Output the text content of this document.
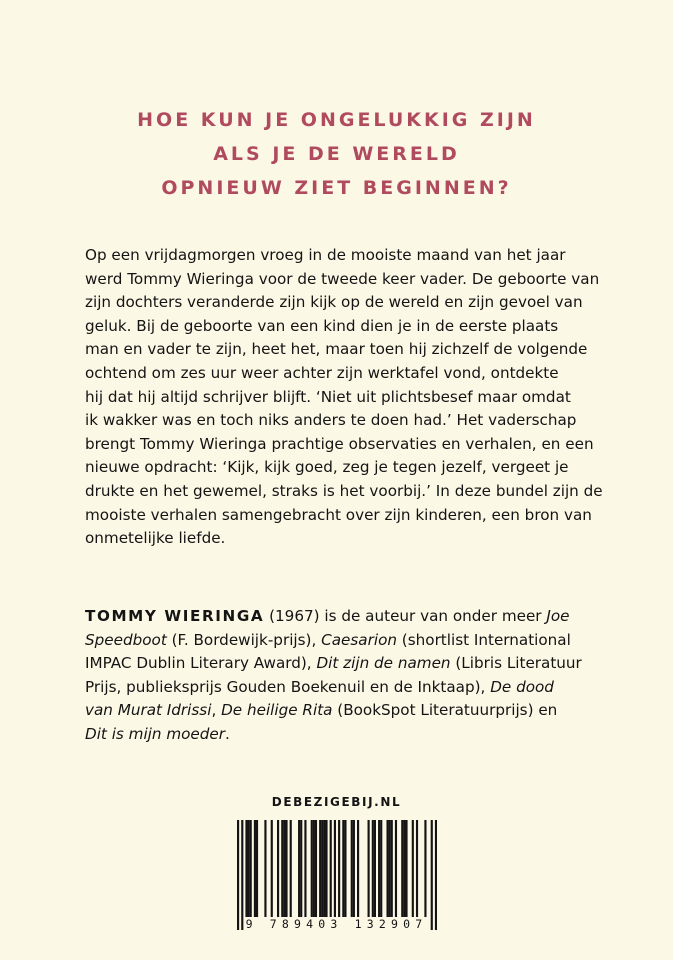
HOE KUN JE ONGELUKKIG ZIJN
ALS JE DE WERELD
OPNIEUW ZIET BEGINNEN?
Op een vrijdagmorgen vroeg in de mooiste maand van het jaar
werd Tommy Wieringa voor de tweede keer vader. De geboorte van
zijn dochters veranderde zijn kijk op de wereld en zijn gevoel van
geluk. Bij de geboorte van een kind dien je in de eerste plaats
man en vader te zijn, heet het, maar toen hij zichzelf de volgende
ochtend om zes uur weer achter zijn werktafel vond, ontdekte
hij dat hij altijd schrijver blijft. ‘Niet uit plichtsbesef maar omdat
ik wakker was en toch niks anders te doen had.’ Het vaderschap
brengt Tommy Wieringa prachtige observaties en verhalen, en een
nieuwe opdracht: ‘Kijk, kijk goed, zeg je tegen jezelf, vergeet je
drukte en het gewemel, straks is het voorbij.’ In deze bundel zijn de
mooiste verhalen samengebracht over zijn kinderen, een bron van
onmetelijke liefde.
TOMMY WIERINGA (1967) is de auteur van onder meer Joe
Speedboot (F. Bordewijk-prijs), Caesarion (shortlist International
IMPAC Dublin Literary Award), Dit zijn de namen (Libris Literatuur
Prijs, publieksprijs Gouden Boekenuil en de Inktaap), De dood
van Murat Idrissi, De heilige Rita (BookSpot Literatuurprijs) en
Dit is mijn moeder.
DEBEZIGEBIJ.NL
9 789403 132907
